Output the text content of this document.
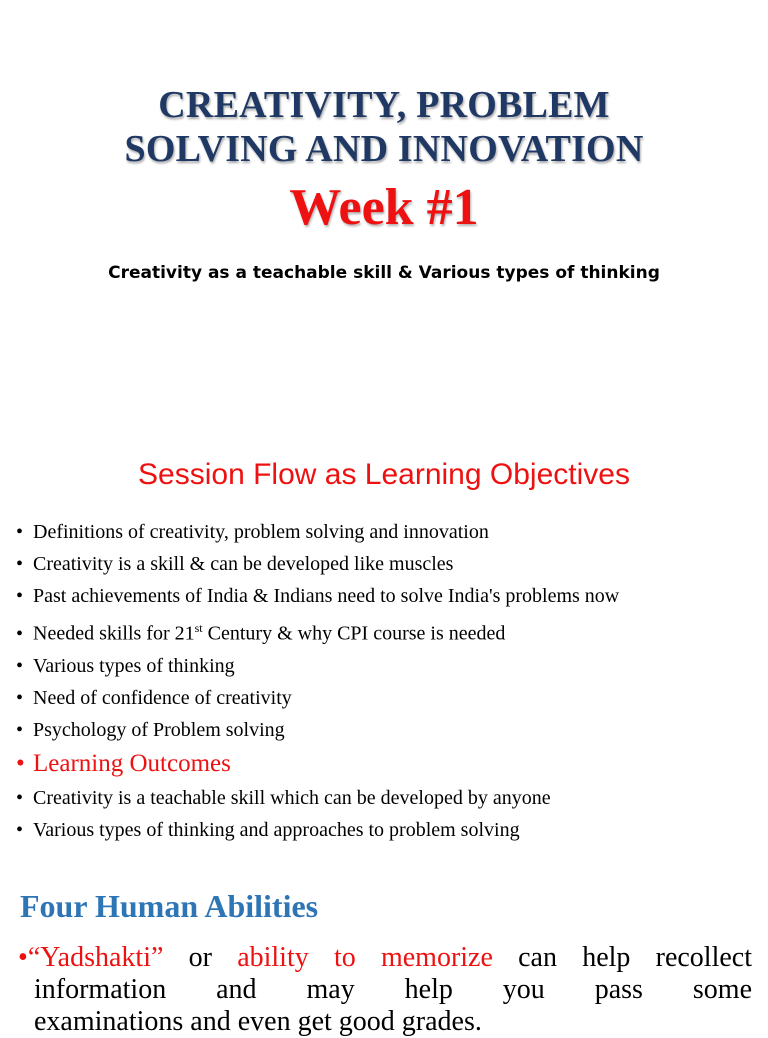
CREATIVITY, PROBLEM
SOLVING AND INNOVATION
Week #1
Creativity as a teachable skill & Various types of thinking
Session Flow as Learning Objectives
• Definitions of creativity, problem solving and innovation
• Creativity is a skill & can be developed like muscles
• Past achievements of India & Indians need to solve India's problems now
• Needed skills for 21st Century & why CPI course is needed
• Various types of thinking
• Need of confidence of creativity
• Psychology of Problem solving
• Learning Outcomes
• Creativity is a teachable skill which can be developed by anyone
• Various types of thinking and approaches to problem solving
Four Human Abilities
•“Yadshakti” or ability to memorize can help recollect
information and may help you pass some
examinations and even get good grades.
